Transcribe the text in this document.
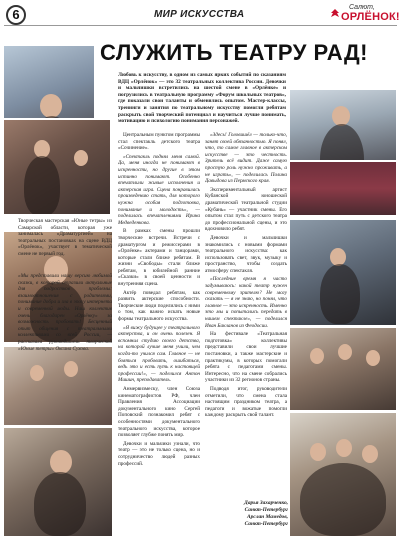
6	МИР ИСКУССТВА
Салют,
ОРЛЁНОК!
СЛУЖИТЬ ТЕАТРУ РАД!
Любовь к искусству, в одном из самых ярких событий по сказаниям ВДЦ «Орлёнок» — это 32 театральных коллектива России. Девочки и мальчишки встретились на шестой смене в «Орлёнке» и погрузились в театральную программу «Форум школьных театров», где показали свои таланты и обменялись опытом. Мастер-классы, тренинги и занятия по театральному искусству помогли ребятам раскрыть свой творческий потенциал и научиться лучше понимать, мотивацию и психологию понимания персонажей.
Творческая мастерская «Юные тетры» из Самарской области, которая уже занималась «Драматургией» на театральных постановках на сцене ВДЦ «Орлёнок», участвует в тематической смене не первый год.
«Мы представили нашу версию любимой сказки, в которой отразили актуальные для подростков проблемы: взаимоотношения с родителями, понимание добра и зла в эпоху интернета и современной моды. Наш коллектив очень благодарен «Орлёнку» за возможность пробовать! Бесценный опыт общения с театральными коллективами со всей России, — рассказала руководитель творческой «Юные тетры» Оксана Сухова.

Центральным пунктом программы стал спектакль детского театра «Сочинение».

«Спектакль поднял меня самой. Да, меня иногда не понимают в искренности, но другие в этом истинно понимают. Особенно впечатлили живые исполнения и актерская игра. Сцена понравилась произведению стать, для которого нужна особая подготовка, понимание и молодость», — поделилась впечатлениями Ирина Медведенкова.

В рамках смены прошли творческие встречи. Встречи с драматургом и режиссерами в «Орлёнке» актерами и танцорами, которые стали ближе ребятам. В жизни «Свободы» стали ближе ребятам, в юбилейной ранние «Сказки» в своей ценности и внутренняя сцена.

Актёр поведал ребятам, как развить актерские способности. Творческие люди поделились с ними о том, как важно искать новые формы театрального искусства.

«Я вижу будущее у театрального актерства, и он очень полезен. Я вспомнил студию своего детства, на которой лучше меня учили, чем когда-то учился сам. Главное — не бояться пробовать, ошибаться, ведь это и есть путь к настоящей профессии!», — поделился Антон Мишин, преподаватель.

Анмервизмеску, член Союза кинематографистов РФ, член Правления Ассоциации документального кино Сергей Поповский познакомил ребят с особенностями документального театрального искусства, которое позволяет глубже понять мир.

Девочки и мальчики узнали, что театр — это не только сцена, но и сотрудничество людей разных профессий.

«Здесь! Головишёл — только-что, занят своей обязанностью. Я понял, что, то самое главное в актерском искусстве — это честность. Зритель всё видит. Даже самую простую роль нужно проживать, а не играть», — поделилась Полина Давыдова из Пермского края.

Экспериментальный артист Кубанской юношеской драматической театральной студии «Кубань» — участник смены. Его опытом стал путь с детского театра до профессиональной сцены, и это вдохновило ребят.

Девочки и мальчишки знакомились с новыми формами театрального искусства: как использовать свет, звук, музыку и пространство, чтобы создать атмосферу спектакля.

«Последние время я часто задумываюсь: какой театр нужен современному зрителю? Не могу сказать — я не знаю, но понял, что главное — это искренность. Именно это мы и попытались передать в нашем спектакле», — поделился Иван Бакланов из Феодосии.

На фестивале «Театральная подготовка» коллективы представили свои лучшие постановки, а также мастерские и практикумы, в которых помогали ребята с педагогами смены. Интересно, что на смене собрались участники из 32 регионов страны.

Подводя итог, руководители отметили, что смена стала настоящим праздником театра, а педагоги и вожатые помогли каждому раскрыть свой талант.

Дарья Захарченко,
Санкт-Петербург
Арслан Мамедов,
Санкт-Петербург
